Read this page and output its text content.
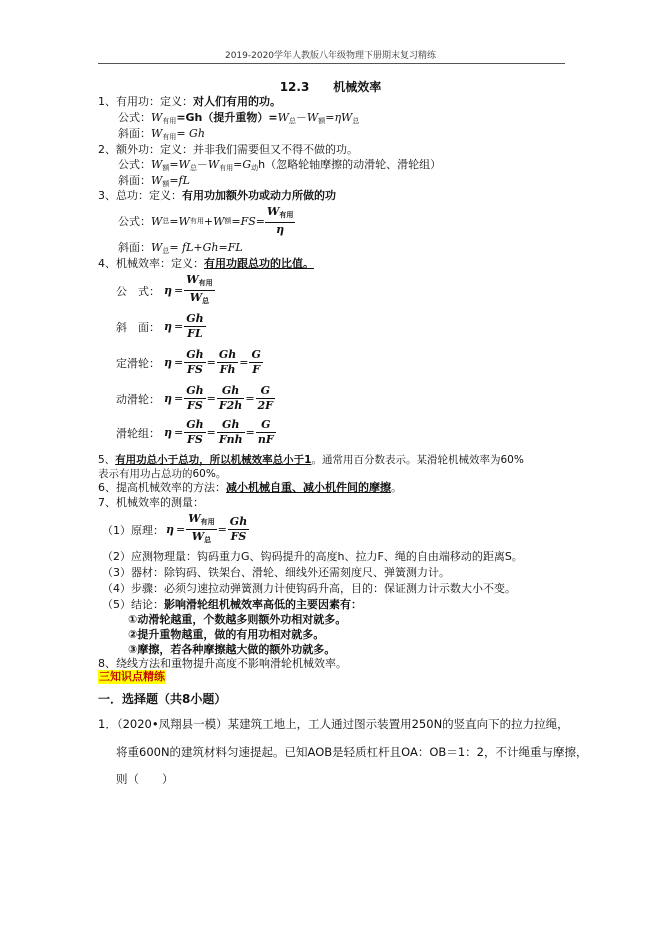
2019-2020学年人教版八年级物理下册期末复习精练
12.3　　机械效率
1、有用功：定义：对人们有用的功。
公式：$W_{有用}=Gh$（提升重物）$=W_总-W_额=\eta W_总$
斜面：$W_{有用}= Gh$
2、额外功：定义：并非我们需要但又不得不做的功。
公式：$W_额=W_总-W_{有用}=G_动h$（忽略轮轴摩擦的动滑轮、滑轮组）
斜面：$W_额=fL$
3、总功：定义：有用功加额外功或动力所做的功
公式： W 总 = W 有用 + W 额 =FS=
$W_{有用}$
η
斜面：$W_总= fL+Gh=FL$
4、机械效率：定义：有用功跟总功的比值。
公　式： η =
$W_{有用}$
$W_总$
斜　面： $\eta = \frac{Gh}{FL}$
定滑轮： $\eta = \frac{Gh}{FS} = \frac{Gh}{Fh} = \frac{G}{F}$
动滑轮： $\eta = \frac{Gh}{FS} = \frac{Gh}{F2h} = \frac{G}{2F}$
滑轮组： $\eta = \frac{Gh}{FS}$ =
Gh
Fnh
= $\frac{G}{nF}$
5、有用功总小于总功，所以机械效率总小于1。通常用百分数表示。某滑轮机械效率为60%
表示有用功占总功的60%。
6、提高机械效率的方法：减小机械自重、减小机件间的摩擦。
7、机械效率的测量：
（1）原理： η =
$W_{有用}$
$W_总$
= $\frac{Gh}{FS}$
（2）应测物理量：钩码重力G、钩码提升的高度h、拉力F、绳的自由端移动的距离S。
（3）器材：除钩码、铁架台、滑轮、细线外还需刻度尺、弹簧测力计。
（4）步骤：必须匀速拉动弹簧测力计使钩码升高，目的：保证测力计示数大小不变。
（5）结论：影响滑轮组机械效率高低的主要因素有：
①动滑轮越重，个数越多则额外功相对就多。
②提升重物越重，做的有用功相对就多。
③摩擦，若各种摩擦越大做的额外功就多。
8、绕线方法和重物提升高度不影响滑轮机械效率。
三知识点精练
一．选择题（共8小题）
1．（2020•凤翔县一模）某建筑工地上，工人通过图示装置用250N的竖直向下的拉力拉绳，
将重600N的建筑材料匀速提起。已知AOB是轻质杠杆且OA：OB＝1：2，不计绳重与摩擦，
则（　　）
